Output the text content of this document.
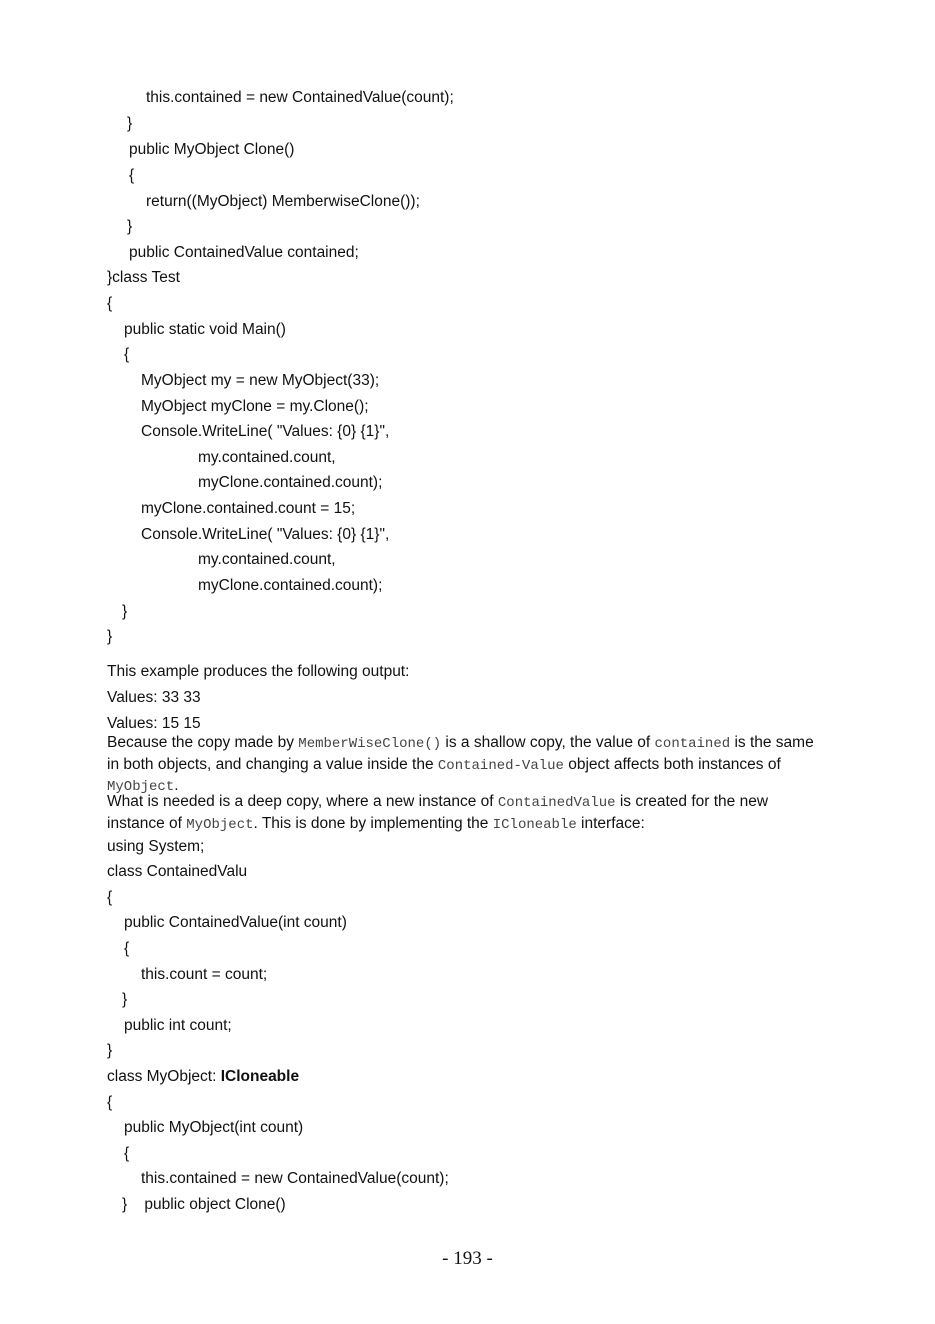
this.contained = new ContainedValue(count);
}
public MyObject Clone()
{
return((MyObject) MemberwiseClone());
}
public ContainedValue contained;
}class Test
{
public static void Main()
{
MyObject my = new MyObject(33);
MyObject myClone = my.Clone();
Console.WriteLine( "Values: {0} {1}",
my.contained.count,
myClone.contained.count);
myClone.contained.count = 15;
Console.WriteLine( "Values: {0} {1}",
my.contained.count,
myClone.contained.count);
}
}
This example produces the following output:
Values: 33 33
Values: 15 15
Because the copy made by MemberWiseClone() is a shallow copy, the value of contained is the same in both objects, and changing a value inside the Contained-Value object affects both instances of MyObject.
What is needed is a deep copy, where a new instance of ContainedValue is created for the new instance of MyObject. This is done by implementing the ICloneable interface:
using System;
class ContainedValu
{
public ContainedValue(int count)
{
this.count = count;
}
public int count;
}
class MyObject: ICloneable
{
public MyObject(int count)
{
this.contained = new ContainedValue(count);
}    public object Clone()
- 193 -
